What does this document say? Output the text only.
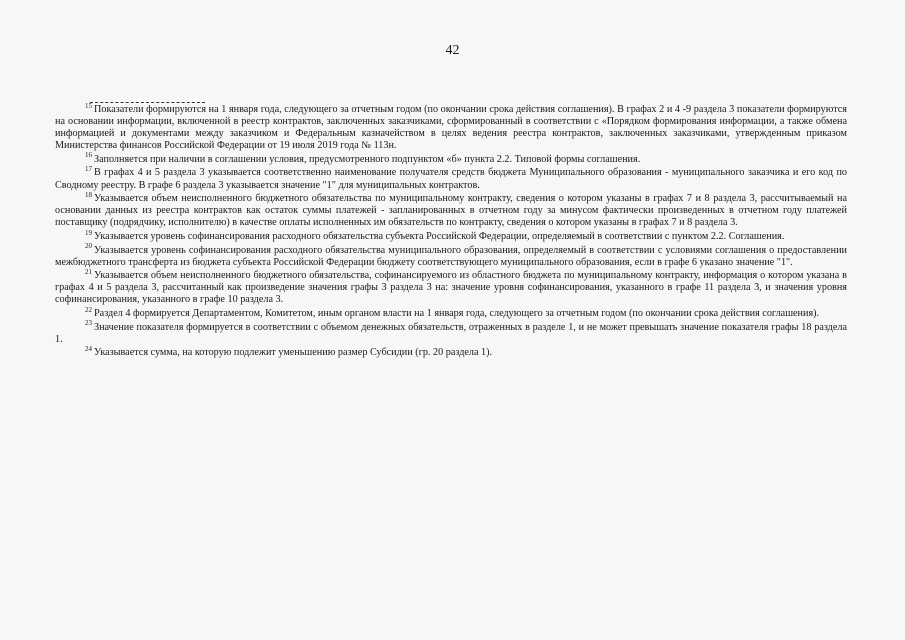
42

$^{15}$ Показатели формируются на 1 января года, следующего за отчетным годом (по окончании срока действия соглашения). В графах 2 и 4 -9 раздела 3 показатели формируются на основании информации, включенной в реестр контрактов, заключенных заказчиками, сформированный в соответствии с «Порядком формирования информации, а также обмена информацией и документами между заказчиком и Федеральным казначейством в целях ведения реестра контрактов, заключенных заказчиками, утвержденным приказом Министерства финансов Российской Федерации от 19 июля 2019 года № 113н.

$^{16}$ Заполняется при наличии в соглашении условия, предусмотренного подпунктом «б» пункта 2.2. Типовой формы соглашения.

$^{17}$ В графах 4 и 5 раздела 3 указывается соответственно наименование получателя средств бюджета Муниципального образования - муниципального заказчика и его код по Сводному реестру. В графе 6 раздела 3 указывается значение "1" для муниципальных контрактов.

$^{18}$ Указывается объем неисполненного бюджетного обязательства по муниципальному контракту, сведения о котором указаны в графах 7 и 8 раздела 3, рассчитываемый на основании данных из реестра контрактов как остаток суммы платежей - запланированных в отчетном году за минусом фактически произведенных в отчетном году платежей поставщику (подрядчику, исполнителю) в качестве оплаты исполненных им обязательств по контракту, сведения о котором указаны в графах 7 и 8 раздела 3.

$^{19}$ Указывается уровень софинансирования расходного обязательства субъекта Российской Федерации, определяемый в соответствии с пунктом 2.2. Соглашения.

$^{20}$ Указывается уровень софинансирования расходного обязательства муниципального образования, определяемый в соответствии с условиями соглашения о предоставлении межбюджетного трансферта из бюджета субъекта Российской Федерации бюджету соответствующего муниципального образования, если в графе 6 указано значение "1".

$^{21}$ Указывается объем неисполненного бюджетного обязательства, софинансируемого из областного бюджета по муниципальному контракту, информация о котором указана в графах 4 и 5 раздела 3, рассчитанный как произведение значения графы 3 раздела 3 на: значение уровня софинансирования, указанного в графе 11 раздела 3, и значения уровня софинансирования, указанного в графе 10 раздела 3.

$^{22}$ Раздел 4 формируется Департаментом, Комитетом, иным органом власти на 1 января года, следующего за отчетным годом (по окончании срока действия соглашения).

$^{23}$ Значение показателя формируется в соответствии с объемом денежных обязательств, отраженных в разделе 1, и не может превышать значение показателя графы 18 раздела 1.

$^{24}$ Указывается сумма, на которую подлежит уменьшению размер Субсидии (гр. 20 раздела 1).
